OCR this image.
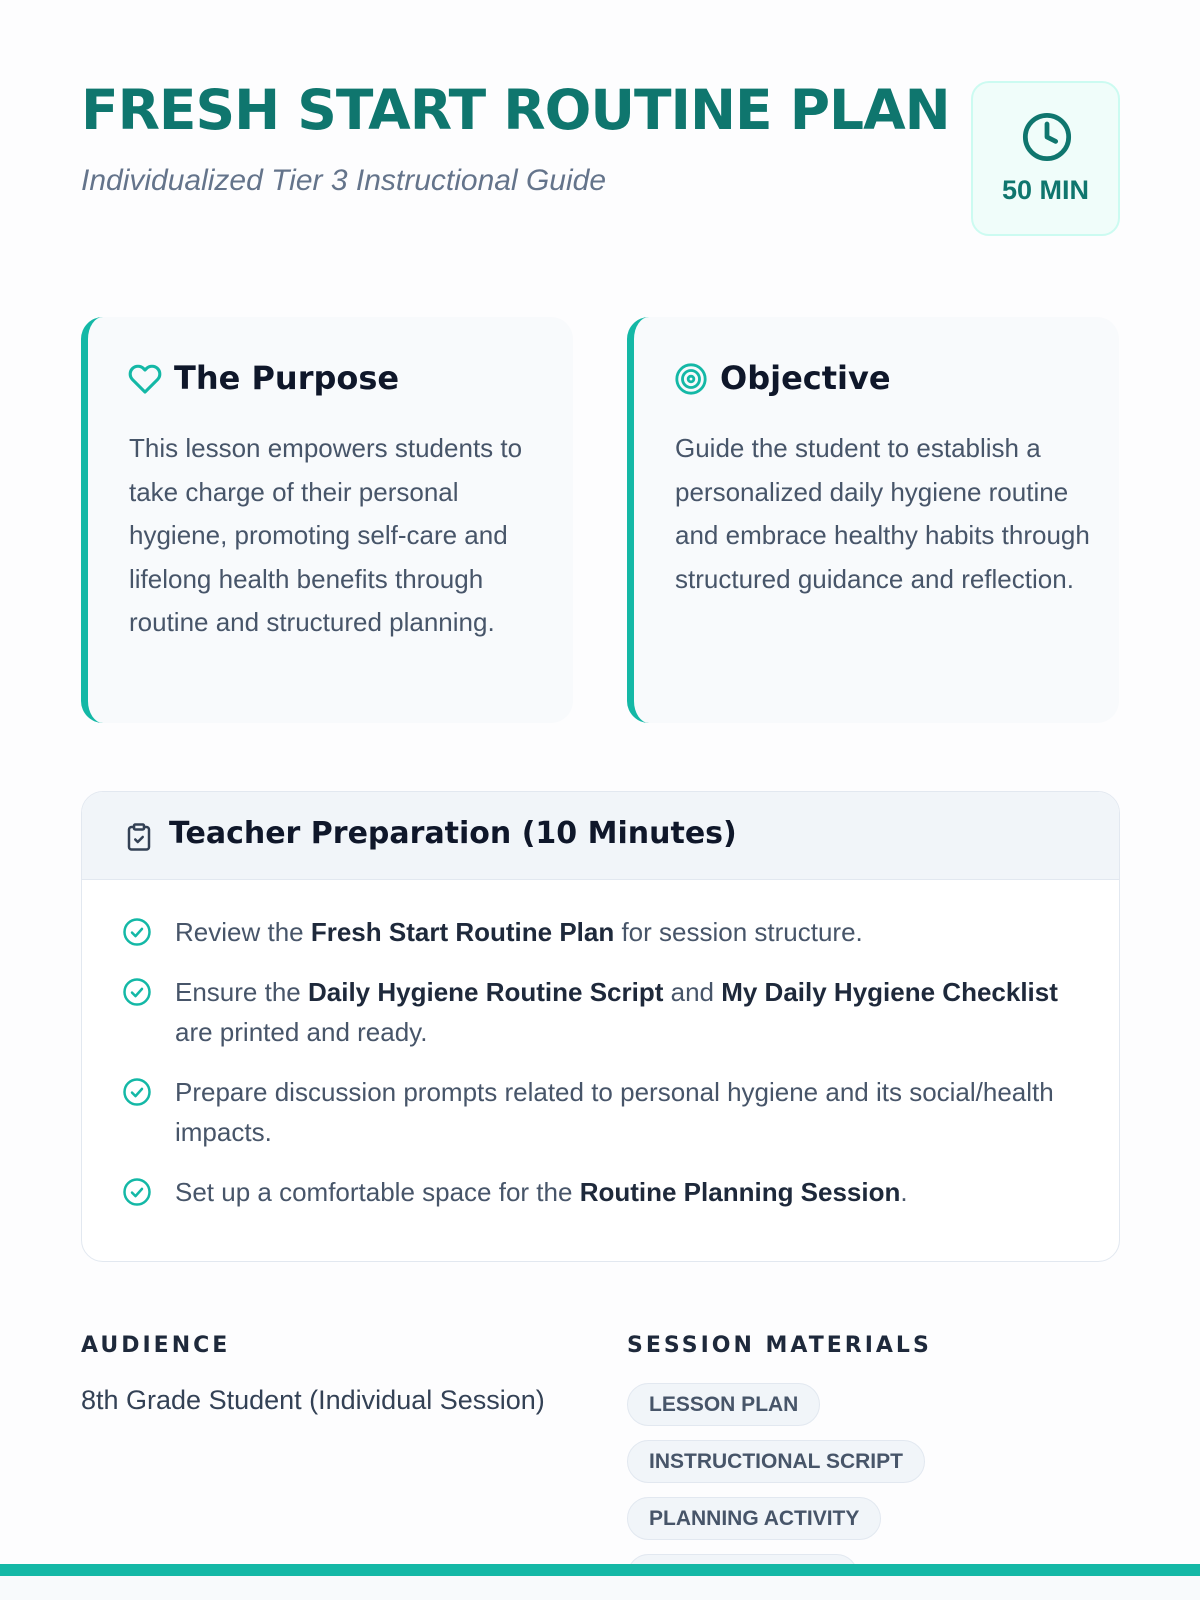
FRESH START ROUTINE PLAN

Individualized Tier 3 Instructional Guide	50 MIN
The Purpose

This lesson empowers students to take charge of their personal hygiene, promoting self-care and lifelong health benefits through routine and structured planning.

Objective

Guide the student to establish a personalized daily hygiene routine and embrace healthy habits through structured guidance and reflection.

Teacher Preparation (10 Minutes)
Review the Fresh Start Routine Plan for session structure.
Ensure the Daily Hygiene Routine Script and My Daily Hygiene Checklist are printed and ready.
Prepare discussion prompts related to personal hygiene and its social/health impacts.
Set up a comfortable space for the Routine Planning Session.
AUDIENCE
8th Grade Student (Individual Session)
SESSION MATERIALS
LESSON PLAN
INSTRUCTIONAL SCRIPT
PLANNING ACTIVITY
